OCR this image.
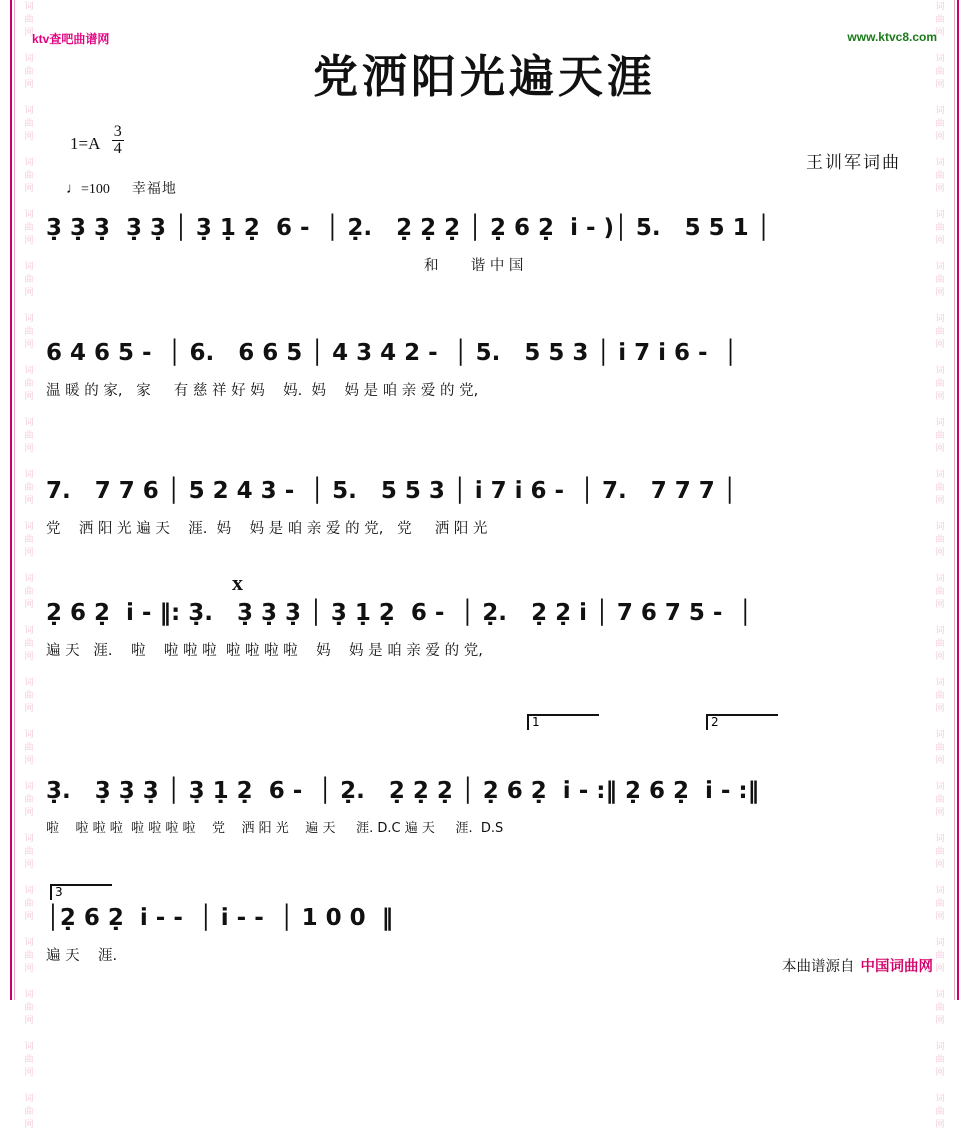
词
曲
网

词
曲
网

词
曲
网

词
曲
网

词
曲
网

词
曲
网

词
曲
网

词
曲
网

词
曲
网

词
曲
网

词
曲
网

词
曲
网

词
曲
网

词
曲
网

词
曲
网

词
曲
网

词
曲
网

词
曲
网

词
曲
网

词
曲
网

词
曲
网

词
曲
网

词
曲
网

词
曲
网

词
曲
网

词
曲
网

词
曲
网

词
曲
网

词
曲
网

词
曲
网

词
曲
网

词
曲
网

词
曲
网

词
曲
网

词
曲
网

词
曲
网

词
曲
网

词
曲
网

词
曲
网

词
曲
网

词
曲
网

词
曲
网

词
曲
网

词
曲
网

ktv查吧曲谱网	www.ktvc8.com
党洒阳光遍天涯
$1=A \frac{3}{4}$
王训军词曲
♩=100 幸福地
3̣ 3̣ 3̣  3̣ 3̣ │ 3̣ 1̣ 2̣  6 -  │ 2̣.   2̣ 2̣ 2̣ │ 2̣ 6 2̣  i̇ - )│ 5.   5 5 1 │
和       谐 中 国
6 4 6 5 -  │ 6.   6 6 5 │ 4 3 4 2 -  │ 5.   5 5 3 │ i̇ 7 i̇ 6 -  │
温 暖 的 家,   家     有 慈 祥 好 妈    妈.  妈    妈 是 咱 亲 爱 的 党,
7.   7 7 6 │ 5 2 4 3 -  │ 5.   5 5 3 │ i̇ 7 i̇ 6 -  │ 7.   7 7 7 │
党    洒 阳 光 遍 天    涯.  妈    妈 是 咱 亲 爱 的 党,   党     洒 阳 光
x
2̣ 6 2̣  i̇ - ‖: 3̣.   3̣ 3̣ 3̣ │ 3̣ 1̣ 2̣  6 -  │ 2̣.   2̣ 2̣ i̇ │ 7 6 7 5 -  │
遍 天   涯.    啦    啦 啦 啦  啦 啦 啦 啦    妈    妈 是 咱 亲 爱 的 党,
1	2
3̣.   3̣ 3̣ 3̣ │ 3̣ 1̣ 2̣  6 -  │ 2̣.   2̣ 2̣ 2̣ │ 2̣ 6 2̣  i̇ - :‖ 2̣ 6 2̣  i̇ - :‖
啦    啦 啦 啦  啦 啦 啦 啦    党    洒 阳 光    遍 天     涯. D.C 遍 天     涯.  D.S
3
│2̣ 6 2̣  i̇ - -  │ i̇ - -  │ 1 0 0  ‖
遍 天    涯.
本曲谱源自 中国词曲网
